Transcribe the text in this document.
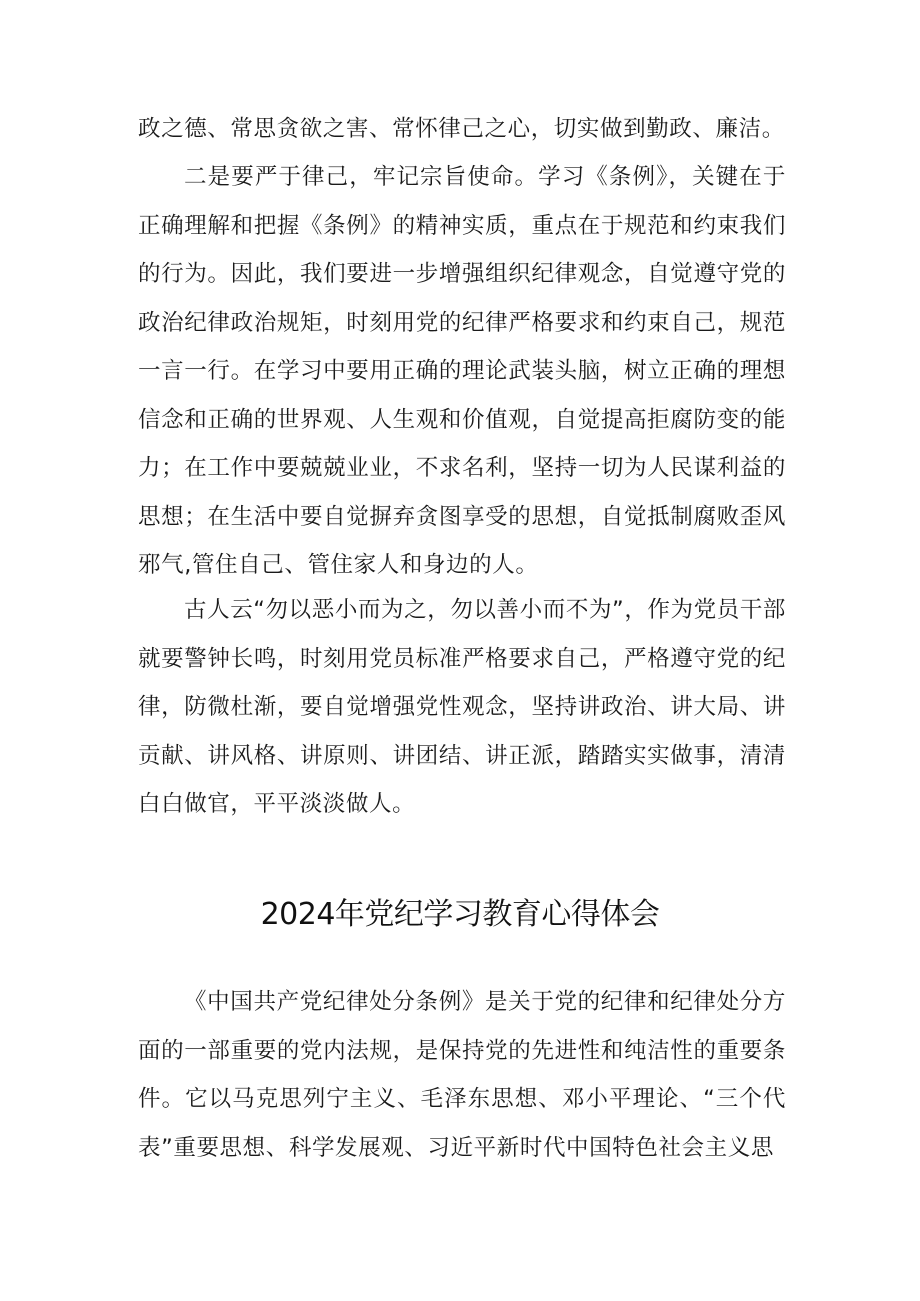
政之德、常思贪欲之害、常怀律己之心，切实做到勤政、廉洁。

二是要严于律己，牢记宗旨使命。学习《条例》，关键在于正确理解和把握《条例》的精神实质，重点在于规范和约束我们的行为。因此，我们要进一步增强组织纪律观念，自觉遵守党的政治纪律政治规矩，时刻用党的纪律严格要求和约束自己，规范一言一行。在学习中要用正确的理论武装头脑，树立正确的理想信念和正确的世界观、人生观和价值观，自觉提高拒腐防变的能力；在工作中要兢兢业业，不求名利，坚持一切为人民谋利益的思想；在生活中要自觉摒弃贪图享受的思想，自觉抵制腐败歪风邪气,管住自己、管住家人和身边的人。

古人云“勿以恶小而为之，勿以善小而不为”，作为党员干部就要警钟长鸣，时刻用党员标准严格要求自己，严格遵守党的纪律，防微杜渐，要自觉增强党性观念，坚持讲政治、讲大局、讲贡献、讲风格、讲原则、讲团结、讲正派，踏踏实实做事，清清白白做官，平平淡淡做人。

2024年党纪学习教育心得体会

《中国共产党纪律处分条例》是关于党的纪律和纪律处分方面的一部重要的党内法规，是保持党的先进性和纯洁性的重要条件。它以马克思列宁主义、毛泽东思想、邓小平理论、“三个代表”重要思想、科学发展观、习近平新时代中国特色社会主义思
